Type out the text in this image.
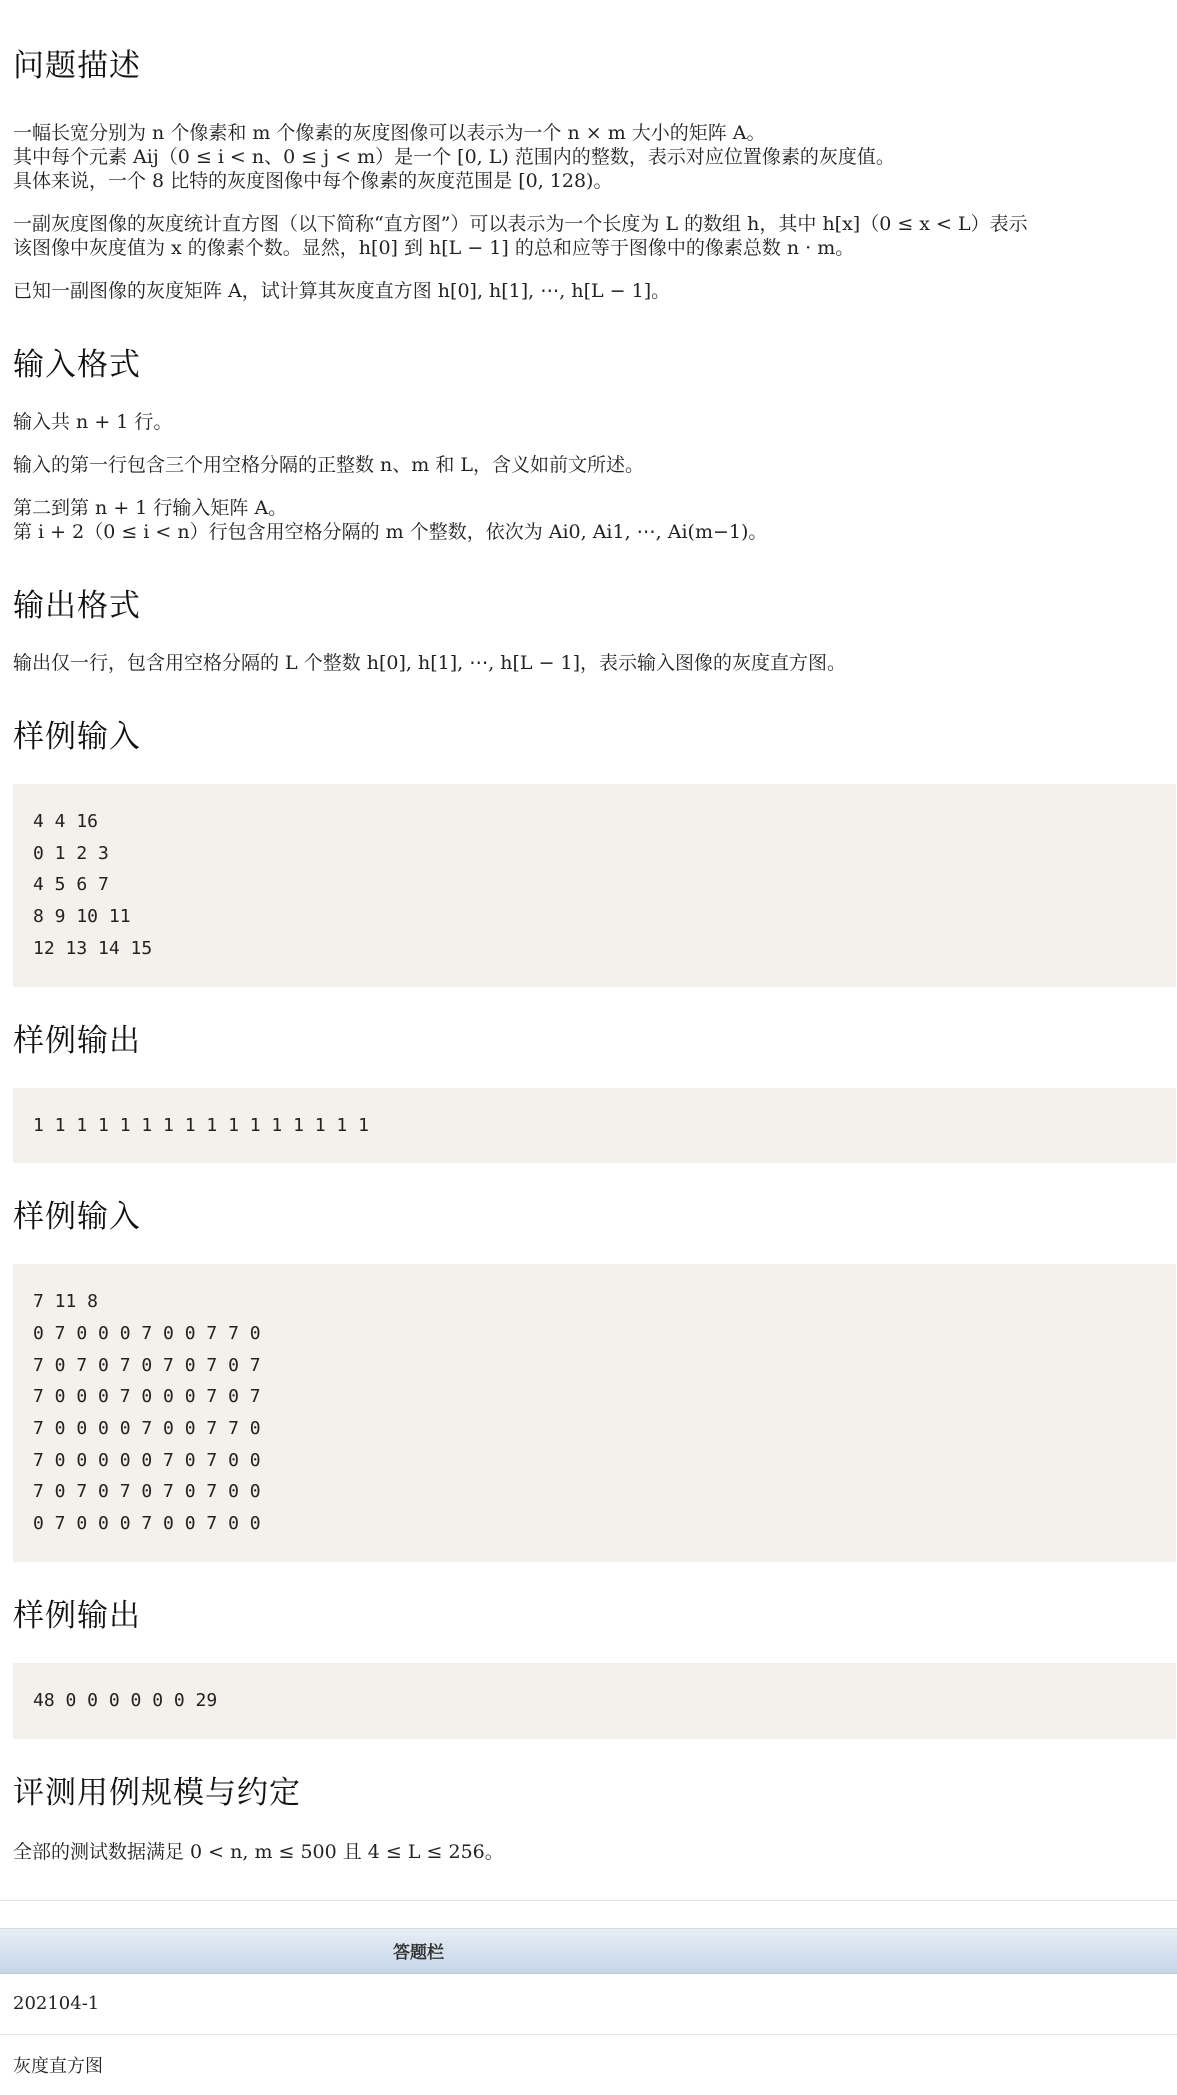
问题描述

一幅长宽分别为 n 个像素和 m 个像素的灰度图像可以表示为一个 n × m 大小的矩阵 A。

其中每个元素 Aij（0 ≤ i < n、0 ≤ j < m）是一个 [0, L) 范围内的整数，表示对应位置像素的灰度值。

具体来说，一个 8 比特的灰度图像中每个像素的灰度范围是 [0, 128)。

一副灰度图像的灰度统计直方图（以下简称“直方图”）可以表示为一个长度为 L 的数组 h，其中 h[x]（0 ≤ x < L）表示

该图像中灰度值为 x 的像素个数。显然，h[0] 到 h[L − 1] 的总和应等于图像中的像素总数 n · m。

已知一副图像的灰度矩阵 A，试计算其灰度直方图 h[0], h[1], ⋯, h[L − 1]。

输入格式

输入共 n + 1 行。

输入的第一行包含三个用空格分隔的正整数 n、m 和 L，含义如前文所述。

第二到第 n + 1 行输入矩阵 A。

第 i + 2（0 ≤ i < n）行包含用空格分隔的 m 个整数，依次为 Ai0, Ai1, ⋯, Ai(m−1)。

输出格式

输出仅一行，包含用空格分隔的 L 个整数 h[0], h[1], ⋯, h[L − 1]，表示输入图像的灰度直方图。

样例输入
4 4 16
0 1 2 3
4 5 6 7
8 9 10 11
12 13 14 15
样例输出
1 1 1 1 1 1 1 1 1 1 1 1 1 1 1 1
样例输入
7 11 8
0 7 0 0 0 7 0 0 7 7 0
7 0 7 0 7 0 7 0 7 0 7
7 0 0 0 7 0 0 0 7 0 7
7 0 0 0 0 7 0 0 7 7 0
7 0 0 0 0 0 7 0 7 0 0
7 0 7 0 7 0 7 0 7 0 0
0 7 0 0 0 7 0 0 7 0 0
样例输出
48 0 0 0 0 0 0 29
评测用例规模与约定

全部的测试数据满足 0 < n, m ≤ 500 且 4 ≤ L ≤ 256。

答题栏
202104-1
灰度直方图
